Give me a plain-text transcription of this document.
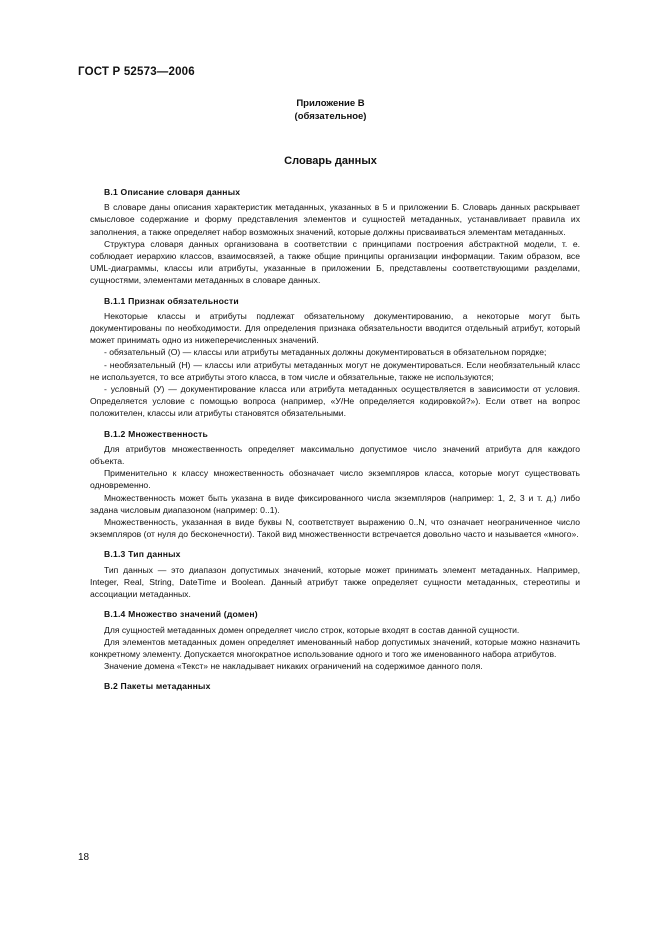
ГОСТ Р 52573—2006
Приложение В
(обязательное)
Словарь данных
В.1 Описание словаря данных

В словаре даны описания характеристик метаданных, указанных в 5 и приложении Б. Словарь данных раскрывает смысловое содержание и форму представления элементов и сущностей метаданных, устанавливает правила их заполнения, а также определяет набор возможных значений, которые должны присваиваться элементам метаданных.

Структура словаря данных организована в соответствии с принципами построения абстрактной модели, т. е. соблюдает иерархию классов, взаимосвязей, а также общие принципы организации информации. Таким образом, все UML-диаграммы, классы или атрибуты, указанные в приложении Б, представлены соответствующими разделами, сущностями, элементами метаданных в словаре данных.

В.1.1 Признак обязательности

Некоторые классы и атрибуты подлежат обязательному документированию, а некоторые могут быть документированы по необходимости. Для определения признака обязательности вводится отдельный атрибут, который может принимать одно из нижеперечисленных значений.

- обязательный (О) — классы или атрибуты метаданных должны документироваться в обязательном порядке;

- необязательный (Н) — классы или атрибуты метаданных могут не документироваться. Если необязательный класс не используется, то все атрибуты этого класса, в том числе и обязательные, также не используются;

- условный (У) — документирование класса или атрибута метаданных осуществляется в зависимости от условия. Определяется условие с помощью вопроса (например, «У/Не определяется кодировкой?»). Если ответ на вопрос положителен, классы или атрибуты становятся обязательными.

В.1.2 Множественность

Для атрибутов множественность определяет максимально допустимое число значений атрибута для каждого объекта.

Применительно к классу множественность обозначает число экземпляров класса, которые могут существовать одновременно.

Множественность может быть указана в виде фиксированного числа экземпляров (например: 1, 2, 3 и т. д.) либо задана числовым диапазоном (например: 0..1).

Множественность, указанная в виде буквы N, соответствует выражению 0..N, что означает неограниченное число экземпляров (от нуля до бесконечности). Такой вид множественности встречается довольно часто и называется «много».

В.1.3 Тип данных

Тип данных — это диапазон допустимых значений, которые может принимать элемент метаданных. Например, Integer, Real, String, DateTime и Boolean. Данный атрибут также определяет сущности метаданных, стереотипы и ассоциации метаданных.

В.1.4 Множество значений (домен)

Для сущностей метаданных домен определяет число строк, которые входят в состав данной сущности.

Для элементов метаданных домен определяет именованный набор допустимых значений, которые можно назначить конкретному элементу. Допускается многократное использование одного и того же именованного набора атрибутов.

Значение домена «Текст» не накладывает никаких ограничений на содержимое данного поля.

В.2 Пакеты метаданных
18
